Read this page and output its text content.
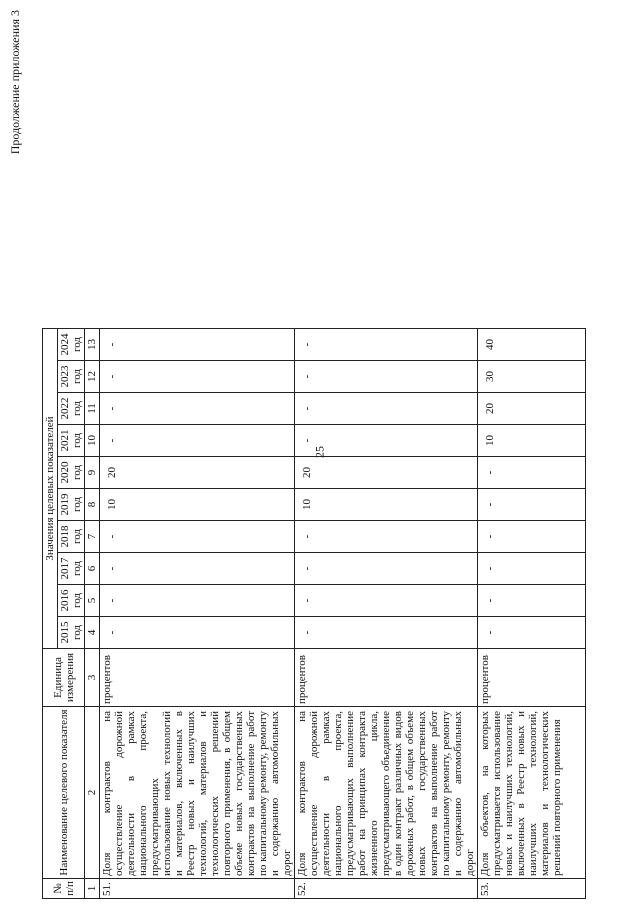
25
Продолжение приложения 3
№ п/п	Наименование целевого показателя	Единица измерения	Значения целевых показателей									
			2015 год	2016 год	2017 год	2018 год	2019 год	2020 год	2021 год	2022 год	2023 год	2024 год
1	2	3	4	5	6	7	8	9	10	11	12	13
51.	Доля контрактов на осуществление дорожной деятельности в рамках национального проекта, предусматривающих использование новых технологий и материалов, включенных в Реестр новых и наилучших технологий, материалов и технологических решений повторного применения, в общем объеме новых государственных контрактов на выполнение работ по капитальному ремонту, ремонту и содержанию автомобильных дорог	процентов	-	-	-	-	10	20	-	-	-	-
52.	Доля контрактов на осуществление дорожной деятельности в рамках национального проекта, предусматривающих выполнение работ на принципах контракта жизненного цикла, предусматривающего объединение в один контракт различных видов дорожных работ, в общем объеме новых государственных контрактов на выполнение работ по капитальному ремонту, ремонту и содержанию автомобильных дорог	процентов	-	-	-	-	10	20	-	-	-	-
53.	Доля объектов, на которых предусматривается использование новых и наилучших технологий, включенных в Реестр новых и наилучших технологий, материалов и технологических решений повторного применения	процентов	-	-	-	-	-	-	10	20	30	40
